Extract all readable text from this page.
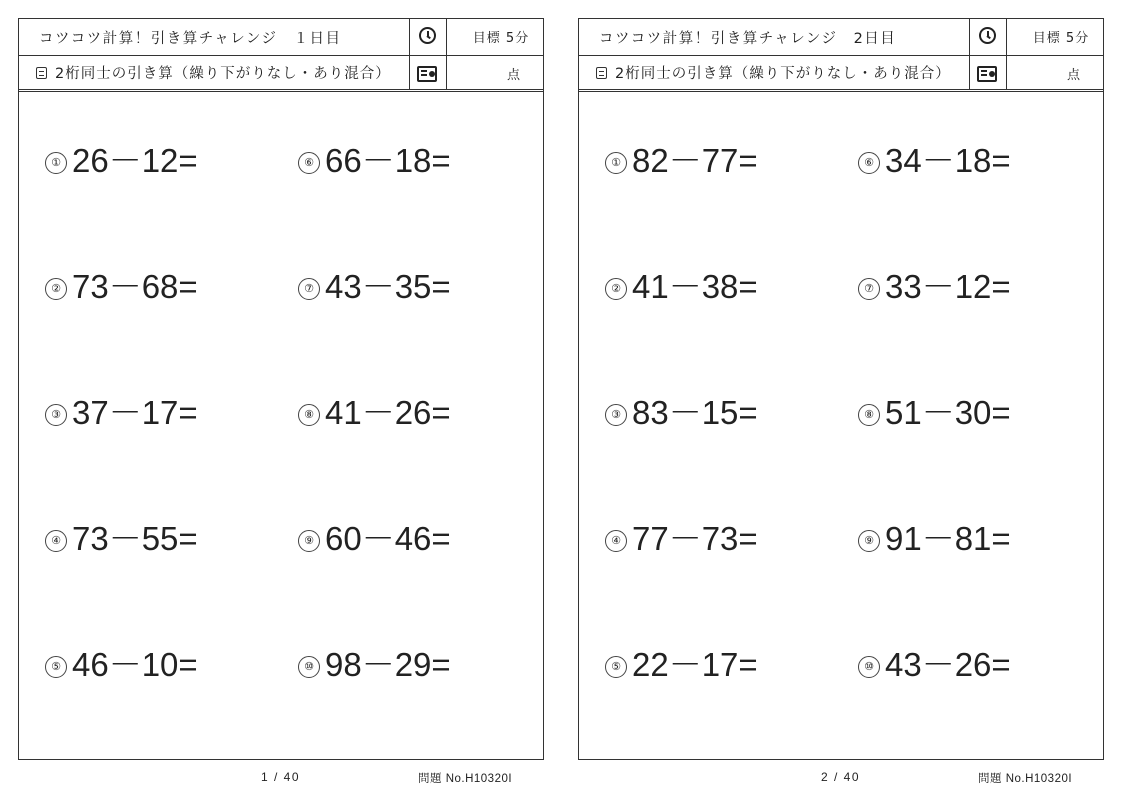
コツコツ計算！引き算チャレンジ １日目	目標 5分
2桁同士の引き算（繰り下がりなし・あり混合）	点
① 26－12=
② 73－68=
③ 37－17=
④ 73－55=
⑤ 46－10=
⑥ 66－18=
⑦ 43－35=
⑧ 41－26=
⑨ 60－46=
⑩ 98－29=
1 / 40	問題 No.H10320I
コツコツ計算！引き算チャレンジ 2日目	目標 5分
2桁同士の引き算（繰り下がりなし・あり混合）	点
① 82－77=
② 41－38=
③ 83－15=
④ 77－73=
⑤ 22－17=
⑥ 34－18=
⑦ 33－12=
⑧ 51－30=
⑨ 91－81=
⑩ 43－26=
2 / 40	問題 No.H10320I
